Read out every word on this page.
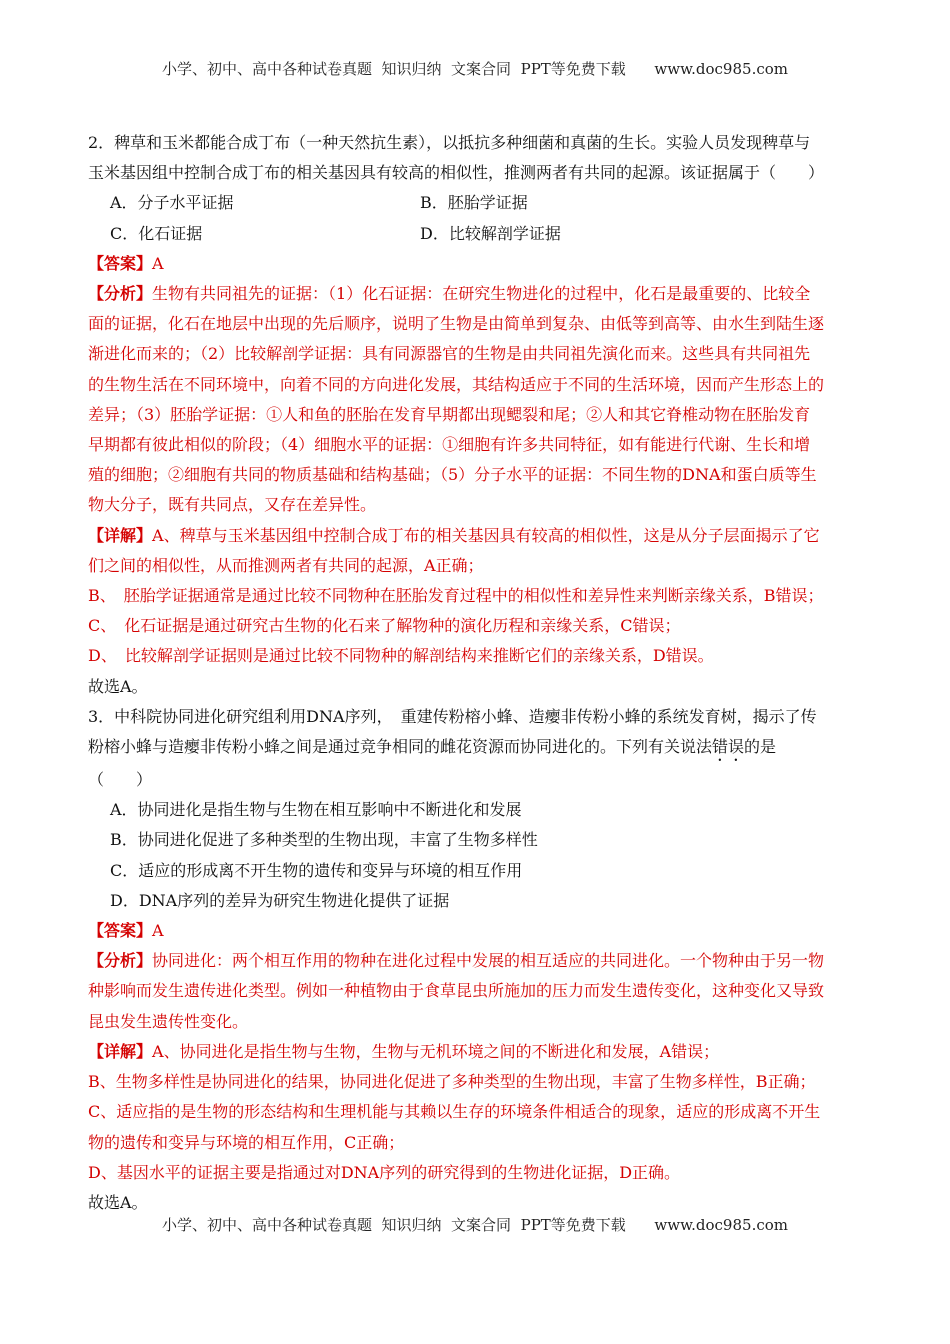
小学、初中、高中各种试卷真题  知识归纳  文案合同  PPT等免费下载      www.doc985.com

2．稗草和玉米都能合成丁布（一种天然抗生素），以抵抗多种细菌和真菌的生长。实验人员发现稗草与

玉米基因组中控制合成丁布的相关基因具有较高的相似性，推测两者有共同的起源。该证据属于（　　）

A．分子水平证据	B．胚胎学证据
C．化石证据	D．比较解剖学证据

【答案】A

【分析】生物有共同祖先的证据：（1）化石证据：在研究生物进化的过程中，化石是最重要的、比较全

面的证据，化石在地层中出现的先后顺序，说明了生物是由简单到复杂、由低等到高等、由水生到陆生逐

渐进化而来的；（2）比较解剖学证据：具有同源器官的生物是由共同祖先演化而来。这些具有共同祖先

的生物生活在不同环境中，向着不同的方向进化发展，其结构适应于不同的生活环境，因而产生形态上的

差异；（3）胚胎学证据：①人和鱼的胚胎在发育早期都出现鳃裂和尾；②人和其它脊椎动物在胚胎发育

早期都有彼此相似的阶段；（4）细胞水平的证据：①细胞有许多共同特征，如有能进行代谢、生长和增

殖的细胞；②细胞有共同的物质基础和结构基础；（5）分子水平的证据：不同生物的DNA和蛋白质等生

物大分子，既有共同点，又存在差异性。

【详解】A、稗草与玉米基因组中控制合成丁布的相关基因具有较高的相似性，这是从分子层面揭示了它

们之间的相似性，从而推测两者有共同的起源，A正确；

B、　胚胎学证据通常是通过比较不同物种在胚胎发育过程中的相似性和差异性来判断亲缘关系，B错误；

C、　化石证据是通过研究古生物的化石来了解物种的演化历程和亲缘关系，C错误；

D、　比较解剖学证据则是通过比较不同物种的解剖结构来推断它们的亲缘关系，D错误。

故选A。

3．中科院协同进化研究组利用DNA序列，　重建传粉榕小蜂、造瘿非传粉小蜂的系统发育树，揭示了传

粉榕小蜂与造瘿非传粉小蜂之间是通过竞争相同的雌花资源而协同进化的。下列有关说法错误的是

（　　）

A．协同进化是指生物与生物在相互影响中不断进化和发展

B．协同进化促进了多种类型的生物出现，丰富了生物多样性

C．适应的形成离不开生物的遗传和变异与环境的相互作用

D．DNA序列的差异为研究生物进化提供了证据

【答案】A

【分析】协同进化：两个相互作用的物种在进化过程中发展的相互适应的共同进化。一个物种由于另一物

种影响而发生遗传进化类型。例如一种植物由于食草昆虫所施加的压力而发生遗传变化，这种变化又导致

昆虫发生遗传性变化。

【详解】A、协同进化是指生物与生物，生物与无机环境之间的不断进化和发展，A错误；

B、生物多样性是协同进化的结果，协同进化促进了多种类型的生物出现，丰富了生物多样性，B正确；

C、适应指的是生物的形态结构和生理机能与其赖以生存的环境条件相适合的现象，适应的形成离不开生

物的遗传和变异与环境的相互作用，C正确；

D、基因水平的证据主要是指通过对DNA序列的研究得到的生物进化证据，D正确。

故选A。

小学、初中、高中各种试卷真题  知识归纳  文案合同  PPT等免费下载      www.doc985.com
